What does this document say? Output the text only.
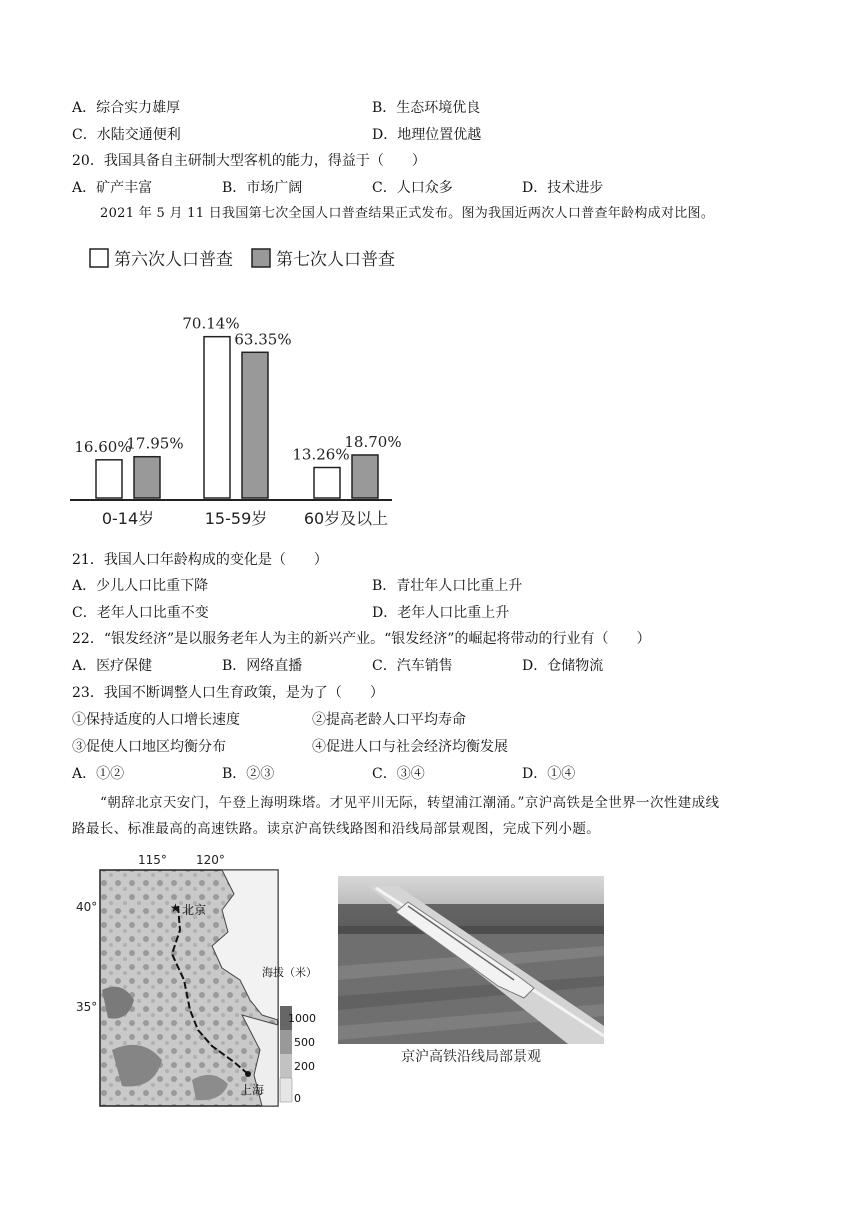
A．综合实力雄厚	B．生态环境优良
C．水陆交通便利	D．地理位置优越
20．我国具备自主研制大型客机的能力，得益于（　　）
A．矿产丰富	B．市场广阔	C．人口众多	D．技术进步
2021 年 5 月 11 日我国第七次全国人口普查结果正式发布。图为我国近两次人口普查年龄构成对比图。
第六次人口普查	第七次人口普查
16.60%
17.95%
70.14%
63.35%
13.26%
18.70%
0-14岁	15-59岁 60岁及以上
21．我国人口年龄构成的变化是（　　）
A．少儿人口比重下降	B．青壮年人口比重上升
C．老年人口比重不变	D．老年人口比重上升
22．“银发经济”是以服务老年人为主的新兴产业。“银发经济”的崛起将带动的行业有（　　）
A．医疗保健	B．网络直播	C．汽车销售	D．仓储物流
23．我国不断调整人口生育政策，是为了（　　）
①保持适度的人口增长速度	②提高老龄人口平均寿命
③促使人口地区均衡分布	④促进人口与社会经济均衡发展
A．①②	B．②③	C．③④	D．①④
“朝辞北京天安门，午登上海明珠塔。才见平川无际，转望浦江潮涌。”京沪高铁是全世界一次性建成线
路最长、标准最高的高速铁路。读京沪高铁线路图和沿线局部景观图，完成下列小题。
115° 120°
40°
35°
★ 北京
上海
海拔（米）
1000
500
200
0
京沪高铁沿线局部景观
